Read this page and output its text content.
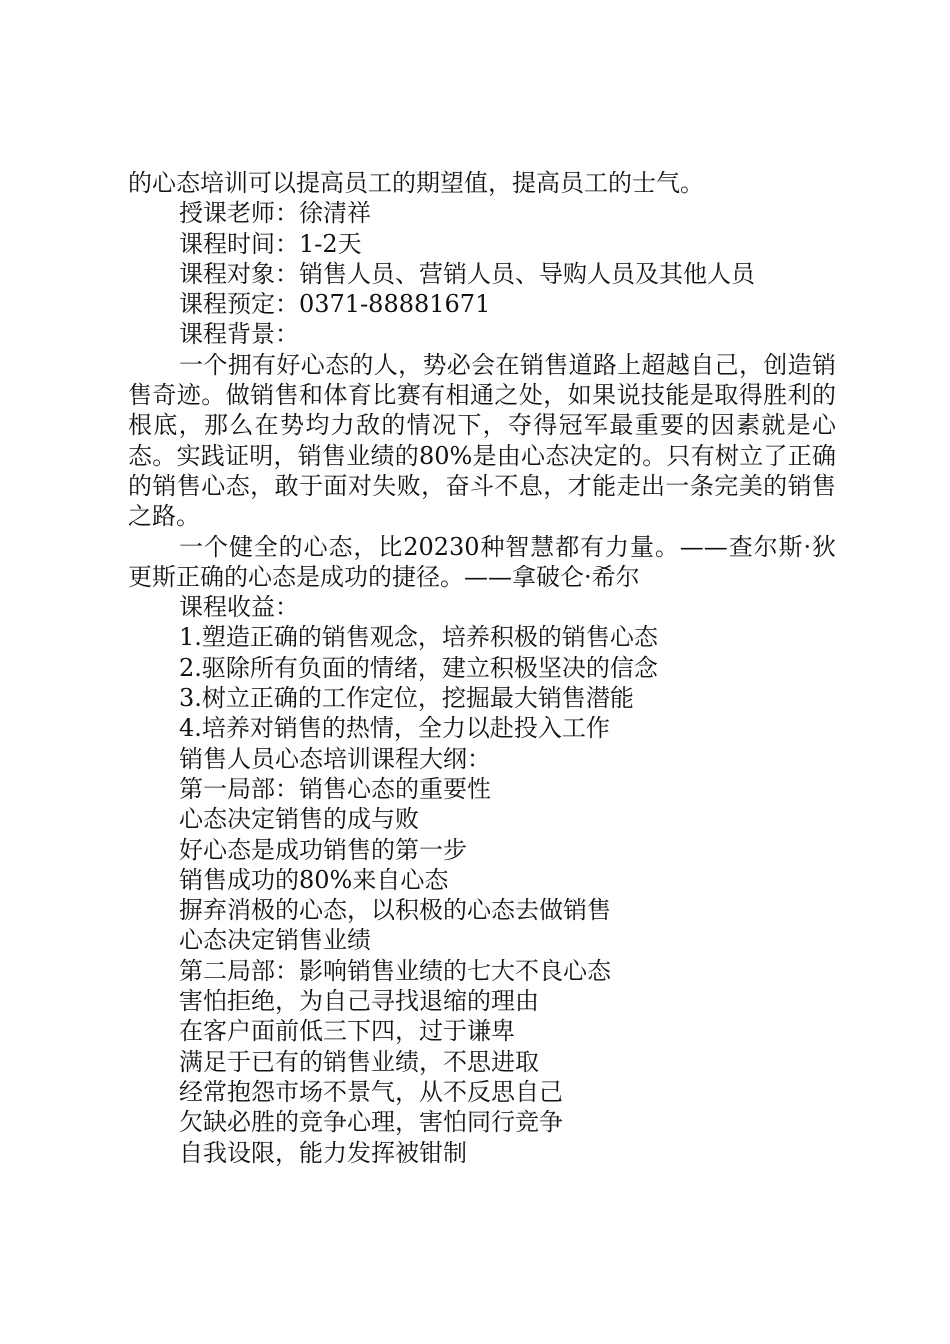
的心态培训可以提高员工的期望值，提高员工的士气。

授课老师：徐清祥

课程时间：1-2天

课程对象：销售人员、营销人员、导购人员及其他人员

课程预定：0371-88881671

课程背景：

一个拥有好心态的人，势必会在销售道路上超越自己，创造销售奇迹。做销售和体育比赛有相通之处，如果说技能是取得胜利的根底，那么在势均力敌的情况下，夺得冠军最重要的因素就是心态。实践证明，销售业绩的80%是由心态决定的。只有树立了正确的销售心态，敢于面对失败，奋斗不息，才能走出一条完美的销售之路。

一个健全的心态，比20230种智慧都有力量。——查尔斯·狄更斯正确的心态是成功的捷径。——拿破仑·希尔

课程收益：

1.塑造正确的销售观念，培养积极的销售心态

2.驱除所有负面的情绪，建立积极坚决的信念

3.树立正确的工作定位，挖掘最大销售潜能

4.培养对销售的热情，全力以赴投入工作

销售人员心态培训课程大纲：

第一局部：销售心态的重要性

心态决定销售的成与败

好心态是成功销售的第一步

销售成功的80%来自心态

摒弃消极的心态，以积极的心态去做销售

心态决定销售业绩

第二局部：影响销售业绩的七大不良心态

害怕拒绝，为自己寻找退缩的理由

在客户面前低三下四，过于谦卑

满足于已有的销售业绩，不思进取

经常抱怨市场不景气，从不反思自己

欠缺必胜的竞争心理，害怕同行竞争

自我设限，能力发挥被钳制
